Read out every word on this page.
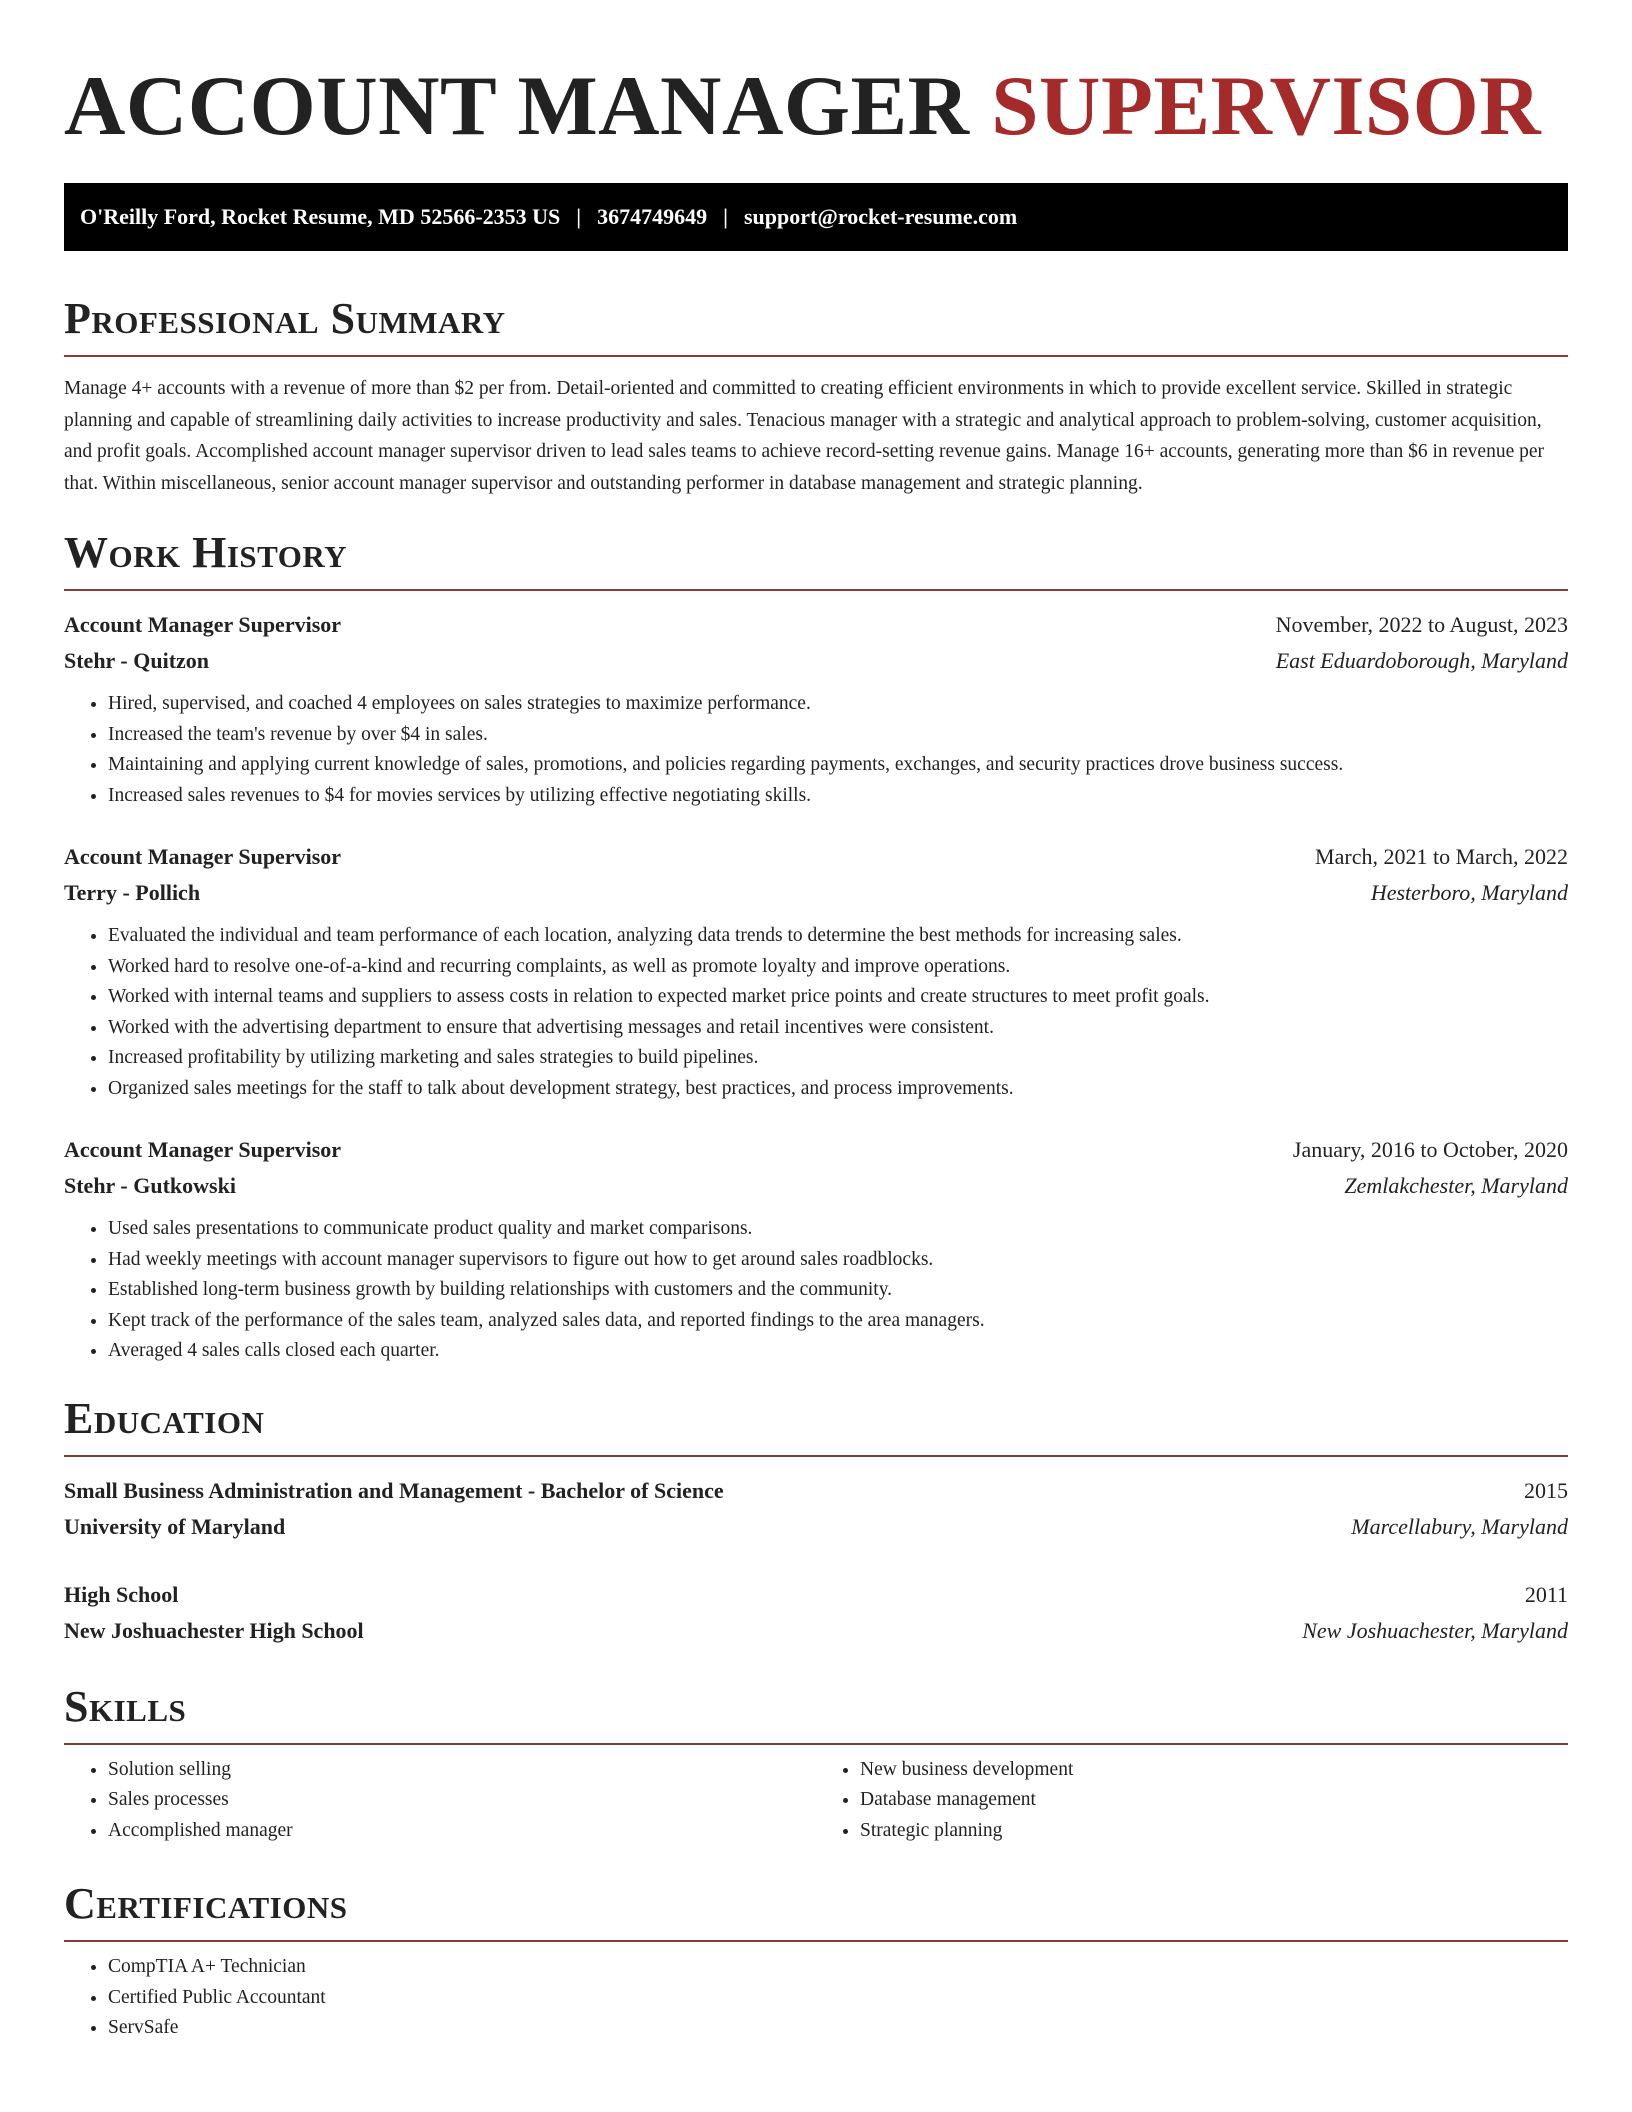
ACCOUNT MANAGER SUPERVISOR
O'Reilly Ford, Rocket Resume, MD 52566-2353 US | 3674749649 | support@rocket-resume.com
Professional Summary

Manage 4+ accounts with a revenue of more than $2 per from. Detail-oriented and committed to creating efficient environments in which to provide excellent service. Skilled in strategic planning and capable of streamlining daily activities to increase productivity and sales. Tenacious manager with a strategic and analytical approach to problem-solving, customer acquisition, and profit goals. Accomplished account manager supervisor driven to lead sales teams to achieve record-setting revenue gains. Manage 16+ accounts, generating more than $6 in revenue per that. Within miscellaneous, senior account manager supervisor and outstanding performer in database management and strategic planning.

Work History
Account Manager Supervisor	November, 2022 to August, 2023
Stehr - Quitzon	East Eduardoborough, Maryland
• Hired, supervised, and coached 4 employees on sales strategies to maximize performance.
• Increased the team's revenue by over $4 in sales.
• Maintaining and applying current knowledge of sales, promotions, and policies regarding payments, exchanges, and security practices drove business success.
• Increased sales revenues to $4 for movies services by utilizing effective negotiating skills.
Account Manager Supervisor	March, 2021 to March, 2022
Terry - Pollich	Hesterboro, Maryland
• Evaluated the individual and team performance of each location, analyzing data trends to determine the best methods for increasing sales.
• Worked hard to resolve one-of-a-kind and recurring complaints, as well as promote loyalty and improve operations.
• Worked with internal teams and suppliers to assess costs in relation to expected market price points and create structures to meet profit goals.
• Worked with the advertising department to ensure that advertising messages and retail incentives were consistent.
• Increased profitability by utilizing marketing and sales strategies to build pipelines.
• Organized sales meetings for the staff to talk about development strategy, best practices, and process improvements.
Account Manager Supervisor	January, 2016 to October, 2020
Stehr - Gutkowski	Zemlakchester, Maryland
• Used sales presentations to communicate product quality and market comparisons.
• Had weekly meetings with account manager supervisors to figure out how to get around sales roadblocks.
• Established long-term business growth by building relationships with customers and the community.
• Kept track of the performance of the sales team, analyzed sales data, and reported findings to the area managers.
• Averaged 4 sales calls closed each quarter.
Education
Small Business Administration and Management - Bachelor of Science	2015
University of Maryland	Marcellabury, Maryland
High School	2011
New Joshuachester High School	New Joshuachester, Maryland
Skills
• Solution selling
• Sales processes
• Accomplished manager
• New business development
• Database management
• Strategic planning
Certifications
• CompTIA A+ Technician
• Certified Public Accountant
• ServSafe
